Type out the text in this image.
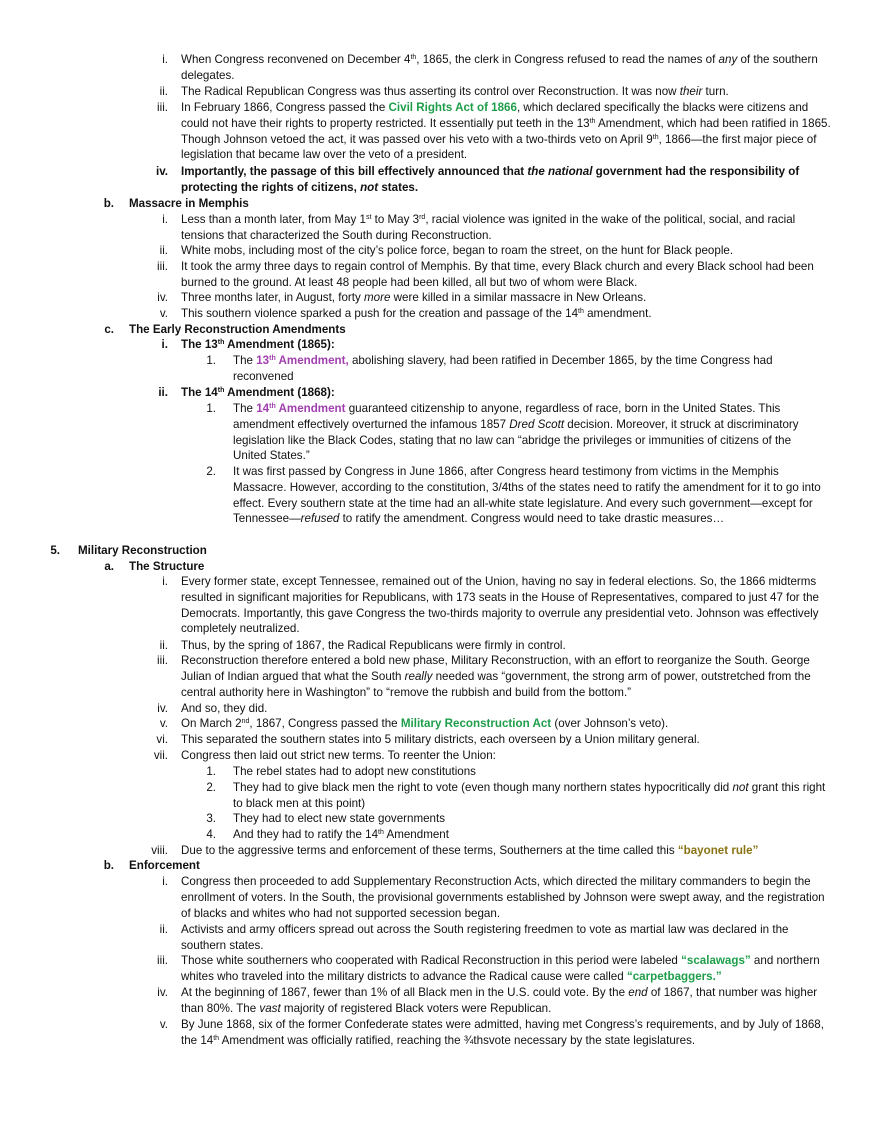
i. When Congress reconvened on December 4th, 1865, the clerk in Congress refused to read the names of any of the southern delegates.
ii. The Radical Republican Congress was thus asserting its control over Reconstruction. It was now their turn.
iii. In February 1866, Congress passed the Civil Rights Act of 1866, which declared specifically the blacks were citizens and could not have their rights to property restricted. It essentially put teeth in the 13th Amendment, which had been ratified in 1865. Though Johnson vetoed the act, it was passed over his veto with a two-thirds veto on April 9th, 1866—the first major piece of legislation that became law over the veto of a president.
iv. Importantly, the passage of this bill effectively announced that the national government had the responsibility of protecting the rights of citizens, not states.
b. Massacre in Memphis
i. Less than a month later, from May 1st to May 3rd, racial violence was ignited in the wake of the political, social, and racial tensions that characterized the South during Reconstruction.
ii. White mobs, including most of the city’s police force, began to roam the street, on the hunt for Black people.
iii. It took the army three days to regain control of Memphis. By that time, every Black church and every Black school had been burned to the ground. At least 48 people had been killed, all but two of whom were Black.
iv. Three months later, in August, forty more were killed in a similar massacre in New Orleans.
v. This southern violence sparked a push for the creation and passage of the 14th amendment.
c. The Early Reconstruction Amendments
i. The 13th Amendment (1865):
1. The 13th Amendment, abolishing slavery, had been ratified in December 1865, by the time Congress had reconvened
ii. The 14th Amendment (1868):
1. The 14th Amendment guaranteed citizenship to anyone, regardless of race, born in the United States. This amendment effectively overturned the infamous 1857 Dred Scott decision. Moreover, it struck at discriminatory legislation like the Black Codes, stating that no law can “abridge the privileges or immunities of citizens of the United States.”
2. It was first passed by Congress in June 1866, after Congress heard testimony from victims in the Memphis Massacre. However, according to the constitution, 3/4ths of the states need to ratify the amendment for it to go into effect. Every southern state at the time had an all-white state legislature. And every such government—except for Tennessee—refused to ratify the amendment. Congress would need to take drastic measures…
5. Military Reconstruction
a. The Structure
i. Every former state, except Tennessee, remained out of the Union, having no say in federal elections. So, the 1866 midterms resulted in significant majorities for Republicans, with 173 seats in the House of Representatives, compared to just 47 for the Democrats. Importantly, this gave Congress the two-thirds majority to overrule any presidential veto. Johnson was effectively completely neutralized.
ii. Thus, by the spring of 1867, the Radical Republicans were firmly in control.
iii. Reconstruction therefore entered a bold new phase, Military Reconstruction, with an effort to reorganize the South. George Julian of Indian argued that what the South really needed was “government, the strong arm of power, outstretched from the central authority here in Washington” to “remove the rubbish and build from the bottom.”
iv. And so, they did.
v. On March 2nd, 1867, Congress passed the Military Reconstruction Act (over Johnson’s veto).
vi. This separated the southern states into 5 military districts, each overseen by a Union military general.
vii. Congress then laid out strict new terms. To reenter the Union:
1. The rebel states had to adopt new constitutions
2. They had to give black men the right to vote (even though many northern states hypocritically did not grant this right to black men at this point)
3. They had to elect new state governments
4. And they had to ratify the 14th Amendment
viii. Due to the aggressive terms and enforcement of these terms, Southerners at the time called this “bayonet rule”
b. Enforcement
i. Congress then proceeded to add Supplementary Reconstruction Acts, which directed the military commanders to begin the enrollment of voters. In the South, the provisional governments established by Johnson were swept away, and the registration of blacks and whites who had not supported secession began.
ii. Activists and army officers spread out across the South registering freedmen to vote as martial law was declared in the southern states.
iii. Those white southerners who cooperated with Radical Reconstruction in this period were labeled “scalawags” and northern whites who traveled into the military districts to advance the Radical cause were called “carpetbaggers.”
iv. At the beginning of 1867, fewer than 1% of all Black men in the U.S. could vote. By the end of 1867, that number was higher than 80%. The vast majority of registered Black voters were Republican.
v. By June 1868, six of the former Confederate states were admitted, having met Congress’s requirements, and by July of 1868, the 14th Amendment was officially ratified, reaching the ¾thsvote necessary by the state legislatures.
